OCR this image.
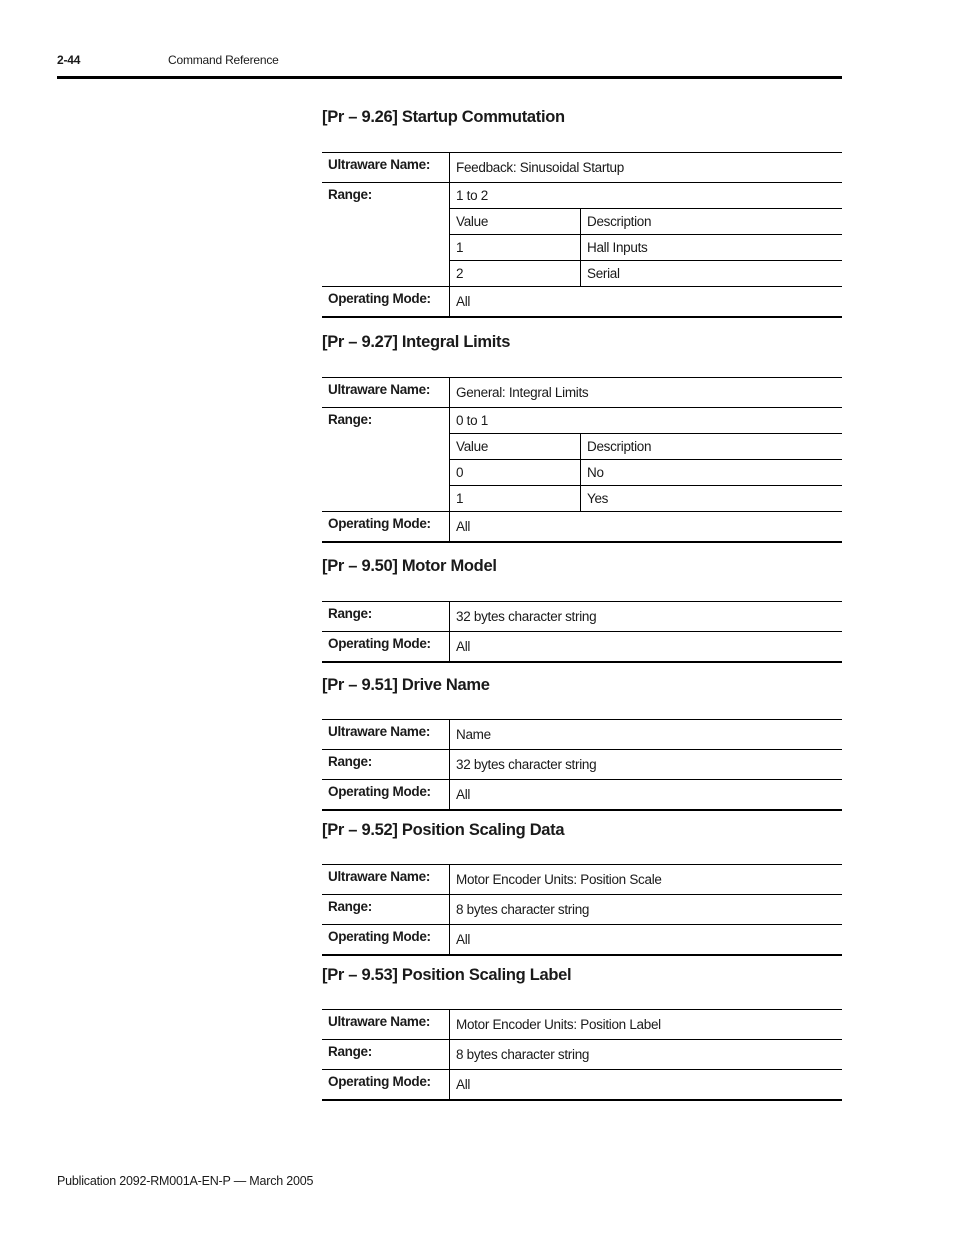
2-44	Command Reference
[Pr – 9.26] Startup Commutation
Ultraware Name:	Feedback: Sinusoidal Startup	
Range:	1 to 2	
	Value	Description
	1	Hall Inputs
	2	Serial
Operating Mode:	All	
[Pr – 9.27] Integral Limits
Ultraware Name:	General: Integral Limits	
Range:	0 to 1	
	Value	Description
	0	No
	1	Yes
Operating Mode:	All	
[Pr – 9.50] Motor Model
Range:	32 bytes character string
Operating Mode:	All
[Pr – 9.51] Drive Name
Ultraware Name:	Name
Range:	32 bytes character string
Operating Mode:	All
[Pr – 9.52] Position Scaling Data
Ultraware Name:	Motor Encoder Units: Position Scale
Range:	8 bytes character string
Operating Mode:	All
[Pr – 9.53] Position Scaling Label
Ultraware Name:	Motor Encoder Units: Position Label
Range:	8 bytes character string
Operating Mode:	All
Publication 2092-RM001A-EN-P — March 2005
